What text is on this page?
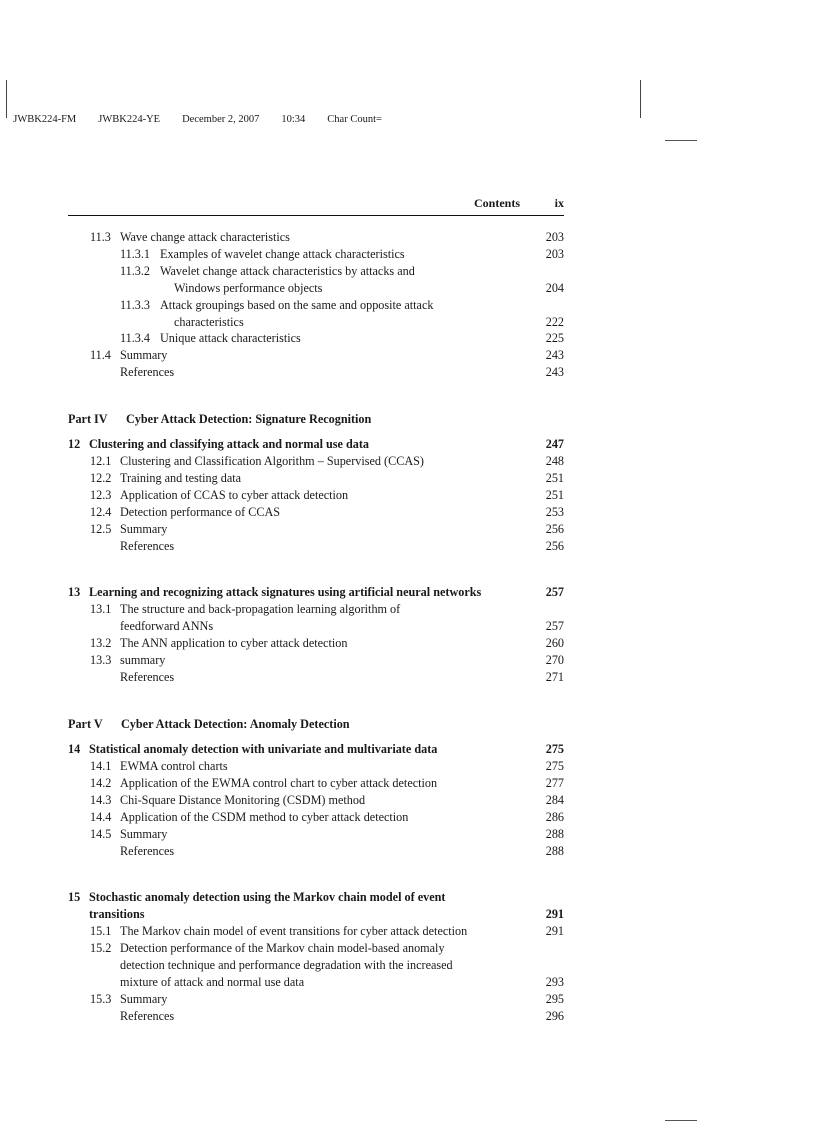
JWBK224-FM JWBK224-YE December 2, 2007 10:34 Char Count=

Contents	ix
11.3 Wave change attack characteristics	203
11.3.1 Examples of wavelet change attack characteristics	203
11.3.2 Wavelet change attack characteristics by attacks and
Windows performance objects	204
11.3.3 Attack groupings based on the same and opposite attack
characteristics	222
11.3.4 Unique attack characteristics	225
11.4 Summary	243
References	243
Part IV Cyber Attack Detection: Signature Recognition
12 Clustering and classifying attack and normal use data	247
12.1 Clustering and Classification Algorithm – Supervised (CCAS)	248
12.2 Training and testing data	251
12.3 Application of CCAS to cyber attack detection	251
12.4 Detection performance of CCAS	253
12.5 Summary	256
References	256
13 Learning and recognizing attack signatures using artificial neural networks	257
13.1 The structure and back-propagation learning algorithm of
feedforward ANNs	257
13.2 The ANN application to cyber attack detection	260
13.3 summary	270
References	271
Part V Cyber Attack Detection: Anomaly Detection
14 Statistical anomaly detection with univariate and multivariate data	275
14.1 EWMA control charts	275
14.2 Application of the EWMA control chart to cyber attack detection	277
14.3 Chi-Square Distance Monitoring (CSDM) method	284
14.4 Application of the CSDM method to cyber attack detection	286
14.5 Summary	288
References	288
15 Stochastic anomaly detection using the Markov chain model of event
transitions	291
15.1 The Markov chain model of event transitions for cyber attack detection	291
15.2 Detection performance of the Markov chain model-based anomaly
detection technique and performance degradation with the increased
mixture of attack and normal use data	293
15.3 Summary	295
References	296
